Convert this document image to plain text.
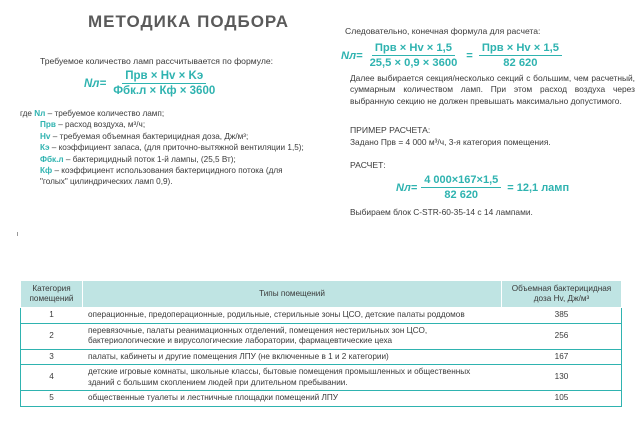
МЕТОДИКА ПОДБОРА
Требуемое количество ламп рассчитывается по формуле:
$Nл= \frac{\text{Прв × Hv × Kэ}}{\text{Фбк.л × Кф × 3600}}$
где Nл – требуемое количество ламп;
Прв – расход воздуха, м³/ч;
Hv – требуемая объемная бактерицидная доза, Дж/м³;
Кэ – коэффициент запаса, (для приточно-вытяжной вентиляции 1,5);
Фбк.л – бактерицидный поток 1-й лампы, (25,5 Вт);
Кф – коэффициент использования бактерицидного потока (для "голых" цилиндрических ламп 0,9).
Следовательно, конечная формула для расчета:
$Nл= \frac{\text{Прв × Hv × 1,5}}{25,5 \times 0,9 \times 3600} = \frac{\text{Прв × Hv × 1,5}}{82 620}$
Далее выбирается секция/несколько секций с большим, чем расчетный, суммарным количеством ламп. При этом расход воздуха через выбранную секцию не должен превышать максимально допустимого.
ПРИМЕР РАСЧЕТА:
Задано Прв = 4 000 м³/ч, 3-я категория помещения.
РАСЧЕТ:
$Nл= \frac{4 000\times 167\times 1,5}{82 620} = 12,1$ ламп
Выбираем блок C-STR-60-35-14 с 14 лампами.
Категория помещений	Типы помещений	Объемная бактерицидная доза Hv, Дж/м³
1	операционные, предоперационные, родильные, стерильные зоны ЦСО, детские палаты роддомов	385
2	перевязочные, палаты реанимационных отделений, помещения нестерильных зон ЦСО, бактериологические и вирусологические лаборатории, фармацевтические цеха	256
3	палаты, кабинеты и другие помещения ЛПУ (не включенные в 1 и 2 категории)	167
4	детские игровые комнаты, школьные классы, бытовые помещения промышленных и общественных зданий с большим скоплением людей при длительном пребывании.	130
5	общественные туалеты и лестничные площадки помещений ЛПУ	105
